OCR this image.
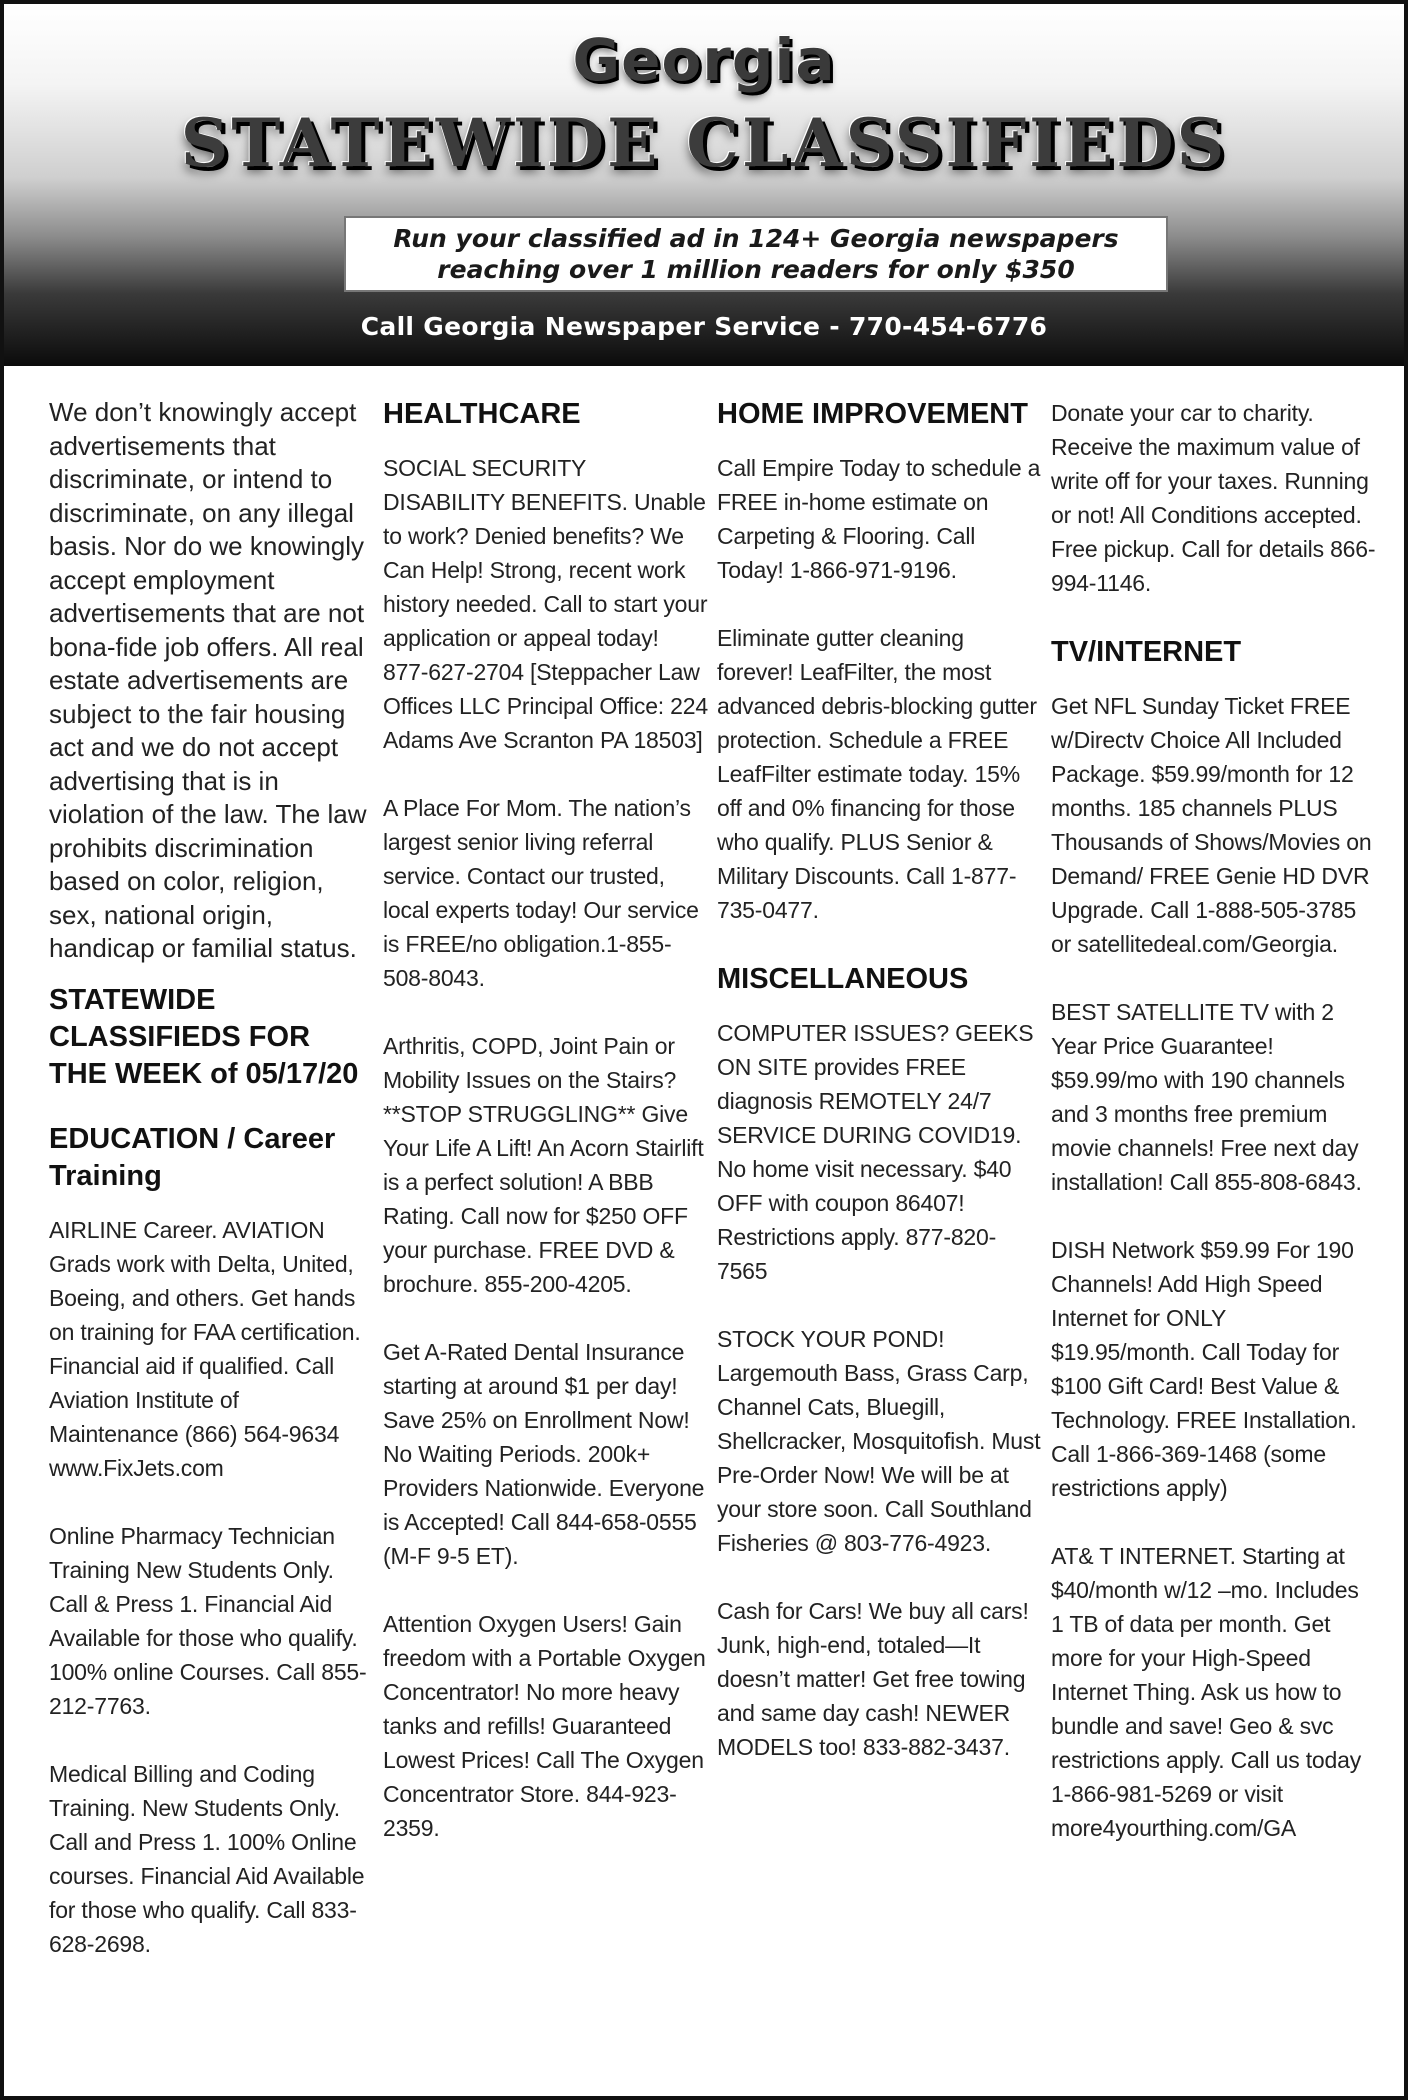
Georgia
STATEWIDE CLASSIFIEDS
Run your classified ad in 124+ Georgia newspapers
reaching over 1 million readers for only $350
Call Georgia Newspaper Service - 770-454-6776

We don’t knowingly accept advertisements that discriminate, or intend to discriminate, on any illegal basis. Nor do we knowingly accept employment advertisements that are not bona-fide job offers. All real estate advertisements are subject to the fair housing act and we do not accept advertising that is in violation of the law. The law prohibits discrimination based on color, religion, sex, national origin, handicap or familial status.

STATEWIDE CLASSIFIEDS FOR THE WEEK of 05/17/20
EDUCATION / Career Training

AIRLINE Career. AVIATION Grads work with Delta, United, Boeing, and others. Get hands on training for FAA certification. Financial aid if qualified. Call Aviation Institute of Maintenance (866) 564-9634 www.FixJets.com

Online Pharmacy Technician Training New Students Only. Call & Press 1. Financial Aid Available for those who qualify. 100% online Courses. Call 855-212-7763.

Medical Billing and Coding Training. New Students Only. Call and Press 1. 100% Online courses. Financial Aid Available for those who qualify. Call 833-628-2698.

HEALTHCARE

SOCIAL SECURITY DISABILITY BENEFITS. Unable to work? Denied benefits? We Can Help! Strong, recent work history needed. Call to start your application or appeal today! 877-627-2704 [Steppacher Law Offices LLC Principal Office: 224 Adams Ave Scranton PA 18503]

A Place For Mom. The nation’s largest senior living referral service. Contact our trusted, local experts today! Our service is FREE/no obligation.1-855-508-8043.

Arthritis, COPD, Joint Pain or Mobility Issues on the Stairs? **STOP STRUGGLING** Give Your Life A Lift! An Acorn Stairlift is a perfect solution! A BBB Rating. Call now for $250 OFF your purchase. FREE DVD & brochure. 855-200-4205.

Get A-Rated Dental Insurance starting at around $1 per day! Save 25% on Enrollment Now! No Waiting Periods. 200k+ Providers Nationwide. Everyone is Accepted! Call 844-658-0555 (M-F 9-5 ET).

Attention Oxygen Users! Gain freedom with a Portable Oxygen Concentrator! No more heavy tanks and refills! Guaranteed Lowest Prices! Call The Oxygen Concentrator Store. 844-923-2359.

HOME IMPROVEMENT

Call Empire Today to schedule a FREE in-home estimate on Carpeting & Flooring. Call Today! 1-866-971-9196.

Eliminate gutter cleaning forever! LeafFilter, the most advanced debris-blocking gutter protection. Schedule a FREE LeafFilter estimate today. 15% off and 0% financing for those who qualify. PLUS Senior & Military Discounts. Call 1-877-735-0477.

MISCELLANEOUS

COMPUTER ISSUES? GEEKS ON SITE provides FREE diagnosis REMOTELY 24/7 SERVICE DURING COVID19. No home visit necessary. $40 OFF with coupon 86407! Restrictions apply. 877-820-7565

STOCK YOUR POND! Largemouth Bass, Grass Carp, Channel Cats, Bluegill, Shellcracker, Mosquitofish. Must Pre-Order Now! We will be at your store soon. Call Southland Fisheries @ 803-776-4923.

Cash for Cars! We buy all cars! Junk, high-end, totaled—It doesn’t matter! Get free towing and same day cash! NEWER MODELS too! 833-882-3437.

Donate your car to charity. Receive the maximum value of write off for your taxes. Running or not! All Conditions accepted. Free pickup. Call for details 866-994-1146.

TV/INTERNET

Get NFL Sunday Ticket FREE w/Directv Choice All Included Package. $59.99/month for 12 months. 185 channels PLUS Thousands of Shows/Movies on Demand/ FREE Genie HD DVR Upgrade. Call 1-888-505-3785 or satellitedeal.com/Georgia.

BEST SATELLITE TV with 2 Year Price Guarantee! $59.99/mo with 190 channels and 3 months free premium movie channels! Free next day installation! Call 855-808-6843.

DISH Network $59.99 For 190 Channels! Add High Speed Internet for ONLY $19.95/month. Call Today for $100 Gift Card! Best Value & Technology. FREE Installation. Call 1-866-369-1468 (some restrictions apply)

AT& T INTERNET. Starting at $40/month w/12 –mo. Includes 1 TB of data per month. Get more for your High-Speed Internet Thing. Ask us how to bundle and save! Geo & svc restrictions apply. Call us today 1-866-981-5269 or visit more4yourthing.com/GA
